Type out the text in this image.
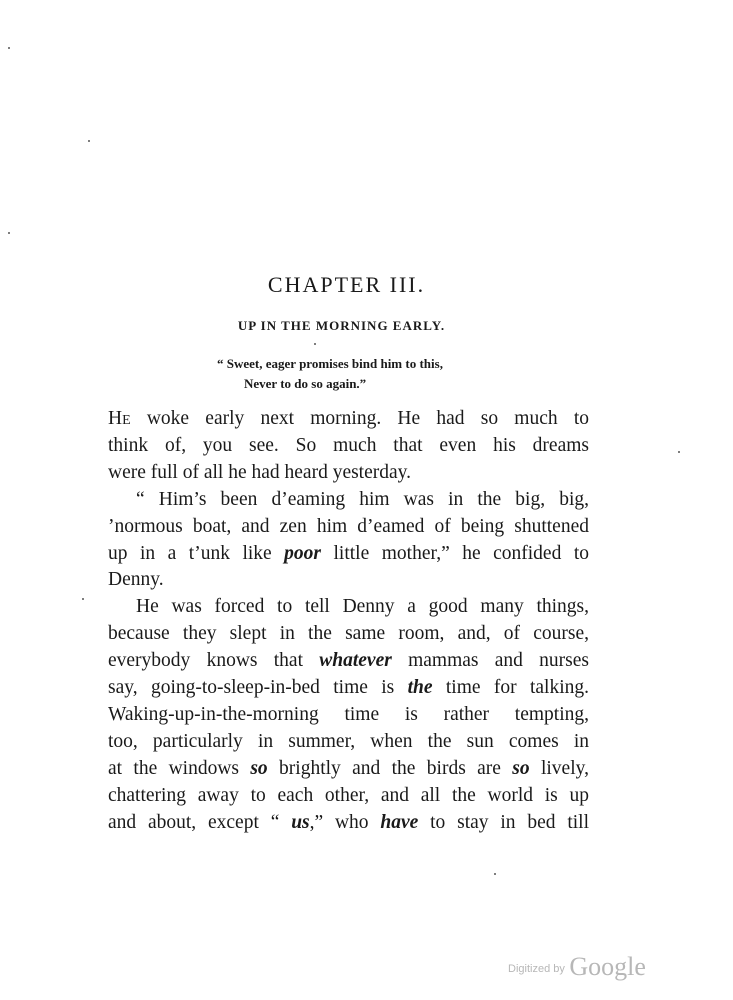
CHAPTER III.
UP IN THE MORNING EARLY.
“ Sweet, eager promises bind him to this,
Never to do so again.”
He woke early next morning. He had so much to
think of, you see. So much that even his dreams
were full of all he had heard yesterday.
“ Him’s been d’eaming him was in the big, big,
’normous boat, and zen him d’eamed of being shuttened
up in a t’unk like poor little mother,” he confided to
Denny.
He was forced to tell Denny a good many things,
because they slept in the same room, and, of course,
everybody knows that whatever mammas and nurses
say, going-to-sleep-in-bed time is the time for talking.
Waking-up-in-the-morning time is rather tempting,
too, particularly in summer, when the sun comes in
at the windows so brightly and the birds are so lively,
chattering away to each other, and all the world is up
and about, except “ us,” who have to stay in bed till
Digitized by Google
